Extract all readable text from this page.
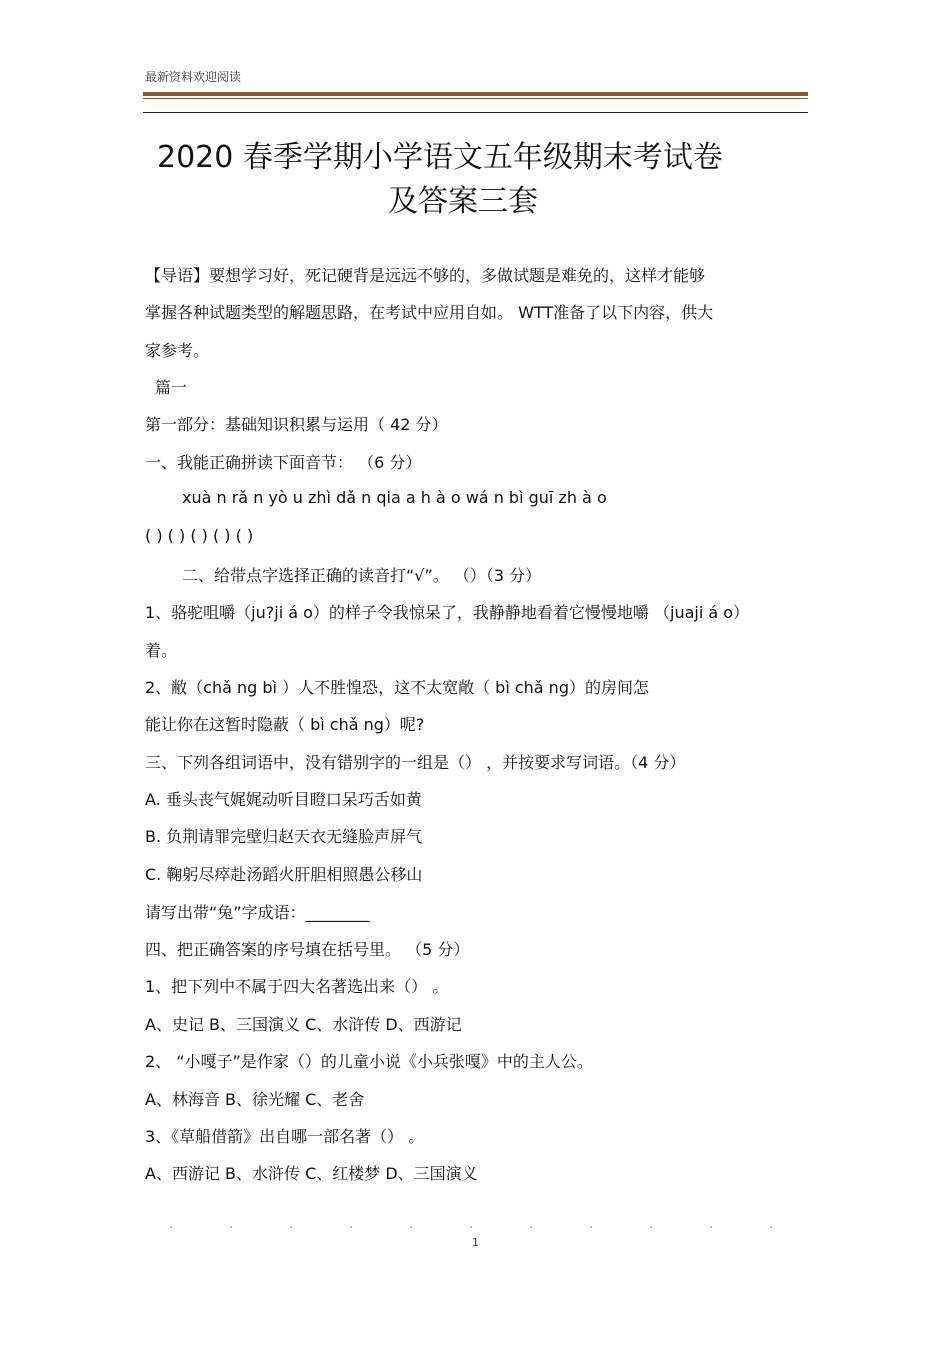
最新资料欢迎阅读
2020 春季学期小学语文五年级期末考试卷
及答案三套
【导语】要想学习好，死记硬背是远远不够的，多做试题是难免的，这样才能够
掌握各种试题类型的解题思路，在考试中应用自如。 WTT准备了以下内容，供大
家参考。
篇一
第一部分：基础知识积累与运用（ 42 分）
一、我能正确拼读下面音节： （6 分）
xuà n rǎ n yò u zhì dǎ n qia a h à o wá n bì guī zh à o
( ) ( ) ( ) ( ) ( )
二、给带点字选择正确的读音打“√”。 （）（3 分）
1、骆驼咀嚼（ju?ji á o）的样子令我惊呆了，我静静地看着它慢慢地嚼 （juaji á o）
着。
2、敝（chǎ ng bì ）人不胜惶恐，这不太宽敞（ bì chǎ ng）的房间怎
能让你在这暂时隐蔽（ bì chǎ ng）呢?
三、下列各组词语中，没有错别字的一组是（） ，并按要求写词语。（4 分）
A. 垂头丧气娓娓动听目瞪口呆巧舌如黄
B. 负荆请罪完壁归赵天衣无缝脸声屏气
C. 鞠躬尽瘁赴汤蹈火肝胆相照愚公移山
请写出带“兔”字成语：________
四、把正确答案的序号填在括号里。 （5 分）
1、把下列中不属于四大名著选出来（） 。
A、史记 B、三国演义 C、水浒传 D、西游记
2、 “小嘎子”是作家（）的儿童小说《小兵张嘎》中的主人公。
A、林海音 B、徐光耀 C、老舍
3、《草船借箭》出自哪一部名著（） 。
A、西游记 B、水浒传 C、红楼梦 D、三国演义
1
